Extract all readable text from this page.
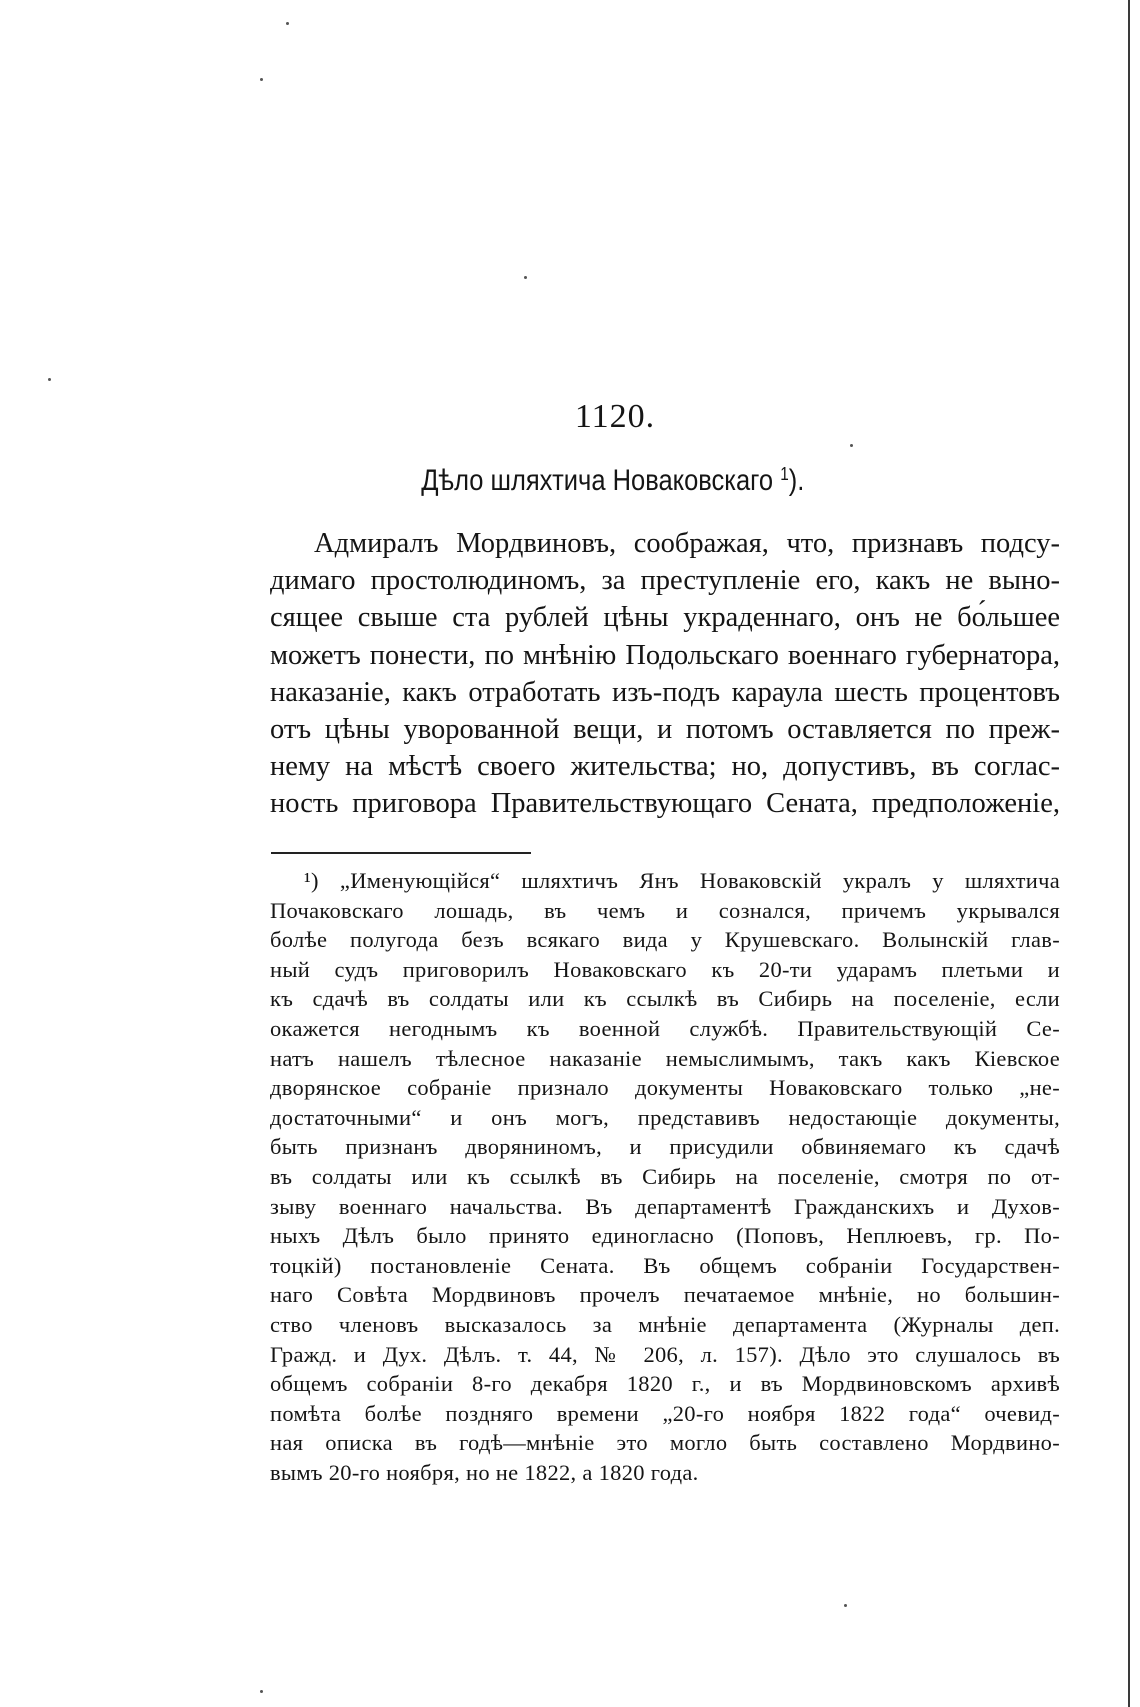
1120.
Дѣло шляхтича Новаковскаго $^1$).
Адмиралъ Мордвиновъ, соображая, что, признавъ подсу-
димаго простолюдиномъ, за преступленіе его, какъ не выно-
сящее свыше ста рублей цѣны украденнаго, онъ не бо́льшее
можетъ понести, по мнѣнію Подольскаго военнаго губернатора,
наказаніе, какъ отработать изъ-подъ караула шесть процентовъ
отъ цѣны уворованной вещи, и потомъ оставляется по преж-
нему на мѣстѣ своего жительства; но, допустивъ, въ соглас-
ность приговора Правительствующаго Сената, предположеніе,
¹) „Именующійся“ шляхтичъ Янъ Новаковскій укралъ у шляхтича
Почаковскаго лошадь, въ чемъ и сознался, причемъ укрывался
болѣе полугода безъ всякаго вида у Крушевскаго. Волынскій глав-
ный судъ приговорилъ Новаковскаго къ 20-ти ударамъ плетьми и
къ сдачѣ въ солдаты или къ ссылкѣ въ Сибирь на поселеніе, если
окажется негоднымъ къ военной службѣ. Правительствующій Се-
натъ нашелъ тѣлесное наказаніе немыслимымъ, такъ какъ Кіевское
дворянское собраніе признало документы Новаковскаго только „не-
достаточными“ и онъ могъ, представивъ недостающіе документы,
быть признанъ дворяниномъ, и присудили обвиняемаго къ сдачѣ
въ солдаты или къ ссылкѣ въ Сибирь на поселеніе, смотря по от-
зыву военнаго начальства. Въ департаментѣ Гражданскихъ и Духов-
ныхъ Дѣлъ было принято единогласно (Поповъ, Неплюевъ, гр. По-
тоцкій) постановленіе Сената. Въ общемъ собраніи Государствен-
наго Совѣта Мордвиновъ прочелъ печатаемое мнѣніе, но большин-
ство членовъ высказалось за мнѣніе департамента (Журналы деп.
Гражд. и Дух. Дѣлъ. т. 44, № 206, л. 157). Дѣло это слушалось въ
общемъ собраніи 8-го декабря 1820 г., и въ Мордвиновскомъ архивѣ
помѣта болѣе поздняго времени „20-го ноября 1822 года“ очевид-
ная описка въ годѣ—мнѣніе это могло быть составлено Мордвино-
вымъ 20-го ноября, но не 1822, а 1820 года.
